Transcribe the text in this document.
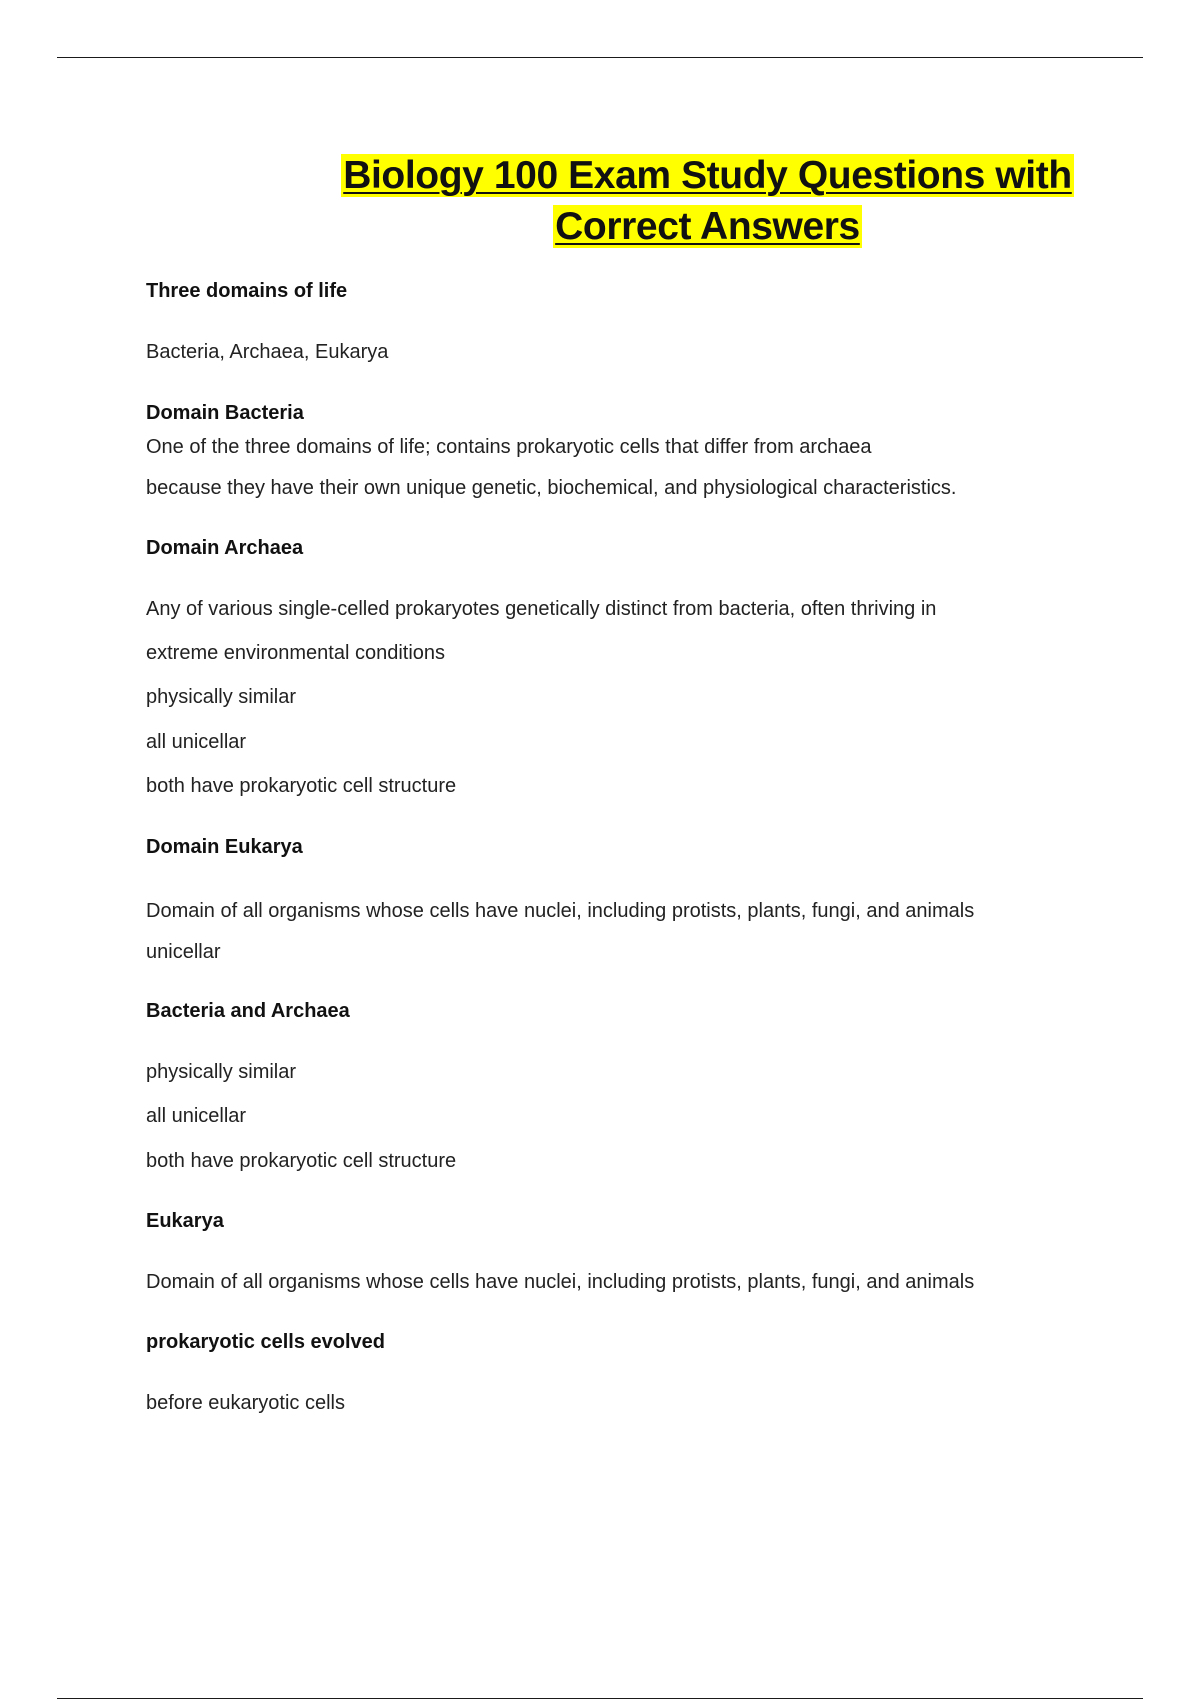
Biology 100 Exam Study Questions with
Correct Answers
Three domains of life
Bacteria, Archaea, Eukarya
Domain Bacteria
One of the three domains of life; contains prokaryotic cells that differ from archaea
because they have their own unique genetic, biochemical, and physiological characteristics.
Domain Archaea
Any of various single-celled prokaryotes genetically distinct from bacteria, often thriving in
extreme environmental conditions
physically similar
all unicellar
both have prokaryotic cell structure
Domain Eukarya
Domain of all organisms whose cells have nuclei, including protists, plants, fungi, and animals
unicellar
Bacteria and Archaea
physically similar
all unicellar
both have prokaryotic cell structure
Eukarya
Domain of all organisms whose cells have nuclei, including protists, plants, fungi, and animals
prokaryotic cells evolved
before eukaryotic cells
